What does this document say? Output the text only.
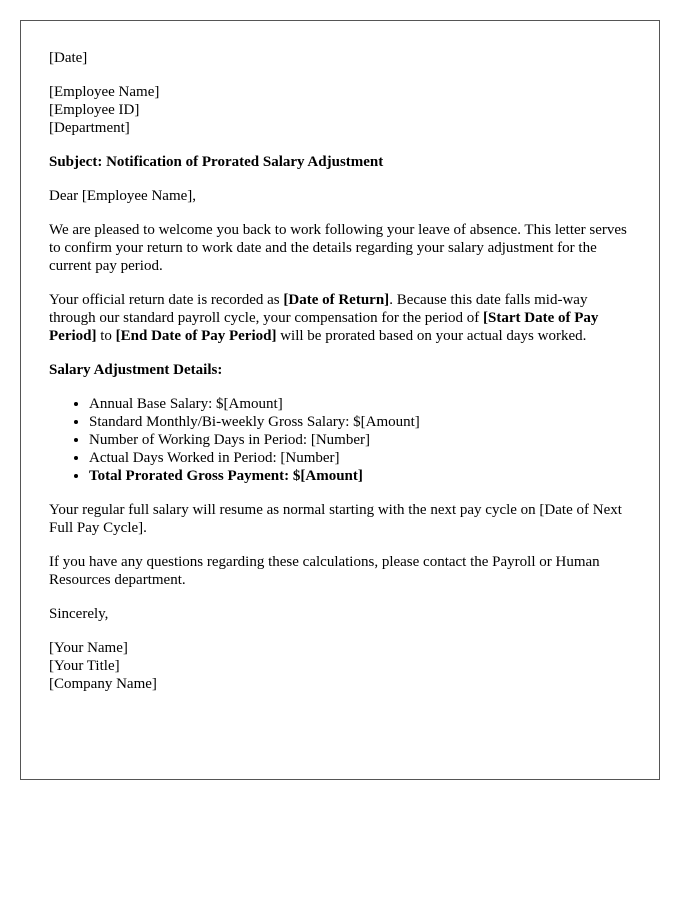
[Date]
[Employee Name]
[Employee ID]
[Department]

Subject: Notification of Prorated Salary Adjustment

Dear [Employee Name],

We are pleased to welcome you back to work following your leave of absence. This letter serves to confirm your return to work date and the details regarding your salary adjustment for the current pay period.

Your official return date is recorded as [Date of Return]. Because this date falls mid-way through our standard payroll cycle, your compensation for the period of [Start Date of Pay Period] to [End Date of Pay Period] will be prorated based on your actual days worked.

Salary Adjustment Details:

• Annual Base Salary: $[Amount]
• Standard Monthly/Bi-weekly Gross Salary: $[Amount]
• Number of Working Days in Period: [Number]
• Actual Days Worked in Period: [Number]
• Total Prorated Gross Payment: $[Amount]

Your regular full salary will resume as normal starting with the next pay cycle on [Date of Next Full Pay Cycle].

If you have any questions regarding these calculations, please contact the Payroll or Human Resources department.

Sincerely,

[Your Name]
[Your Title]
[Company Name]
